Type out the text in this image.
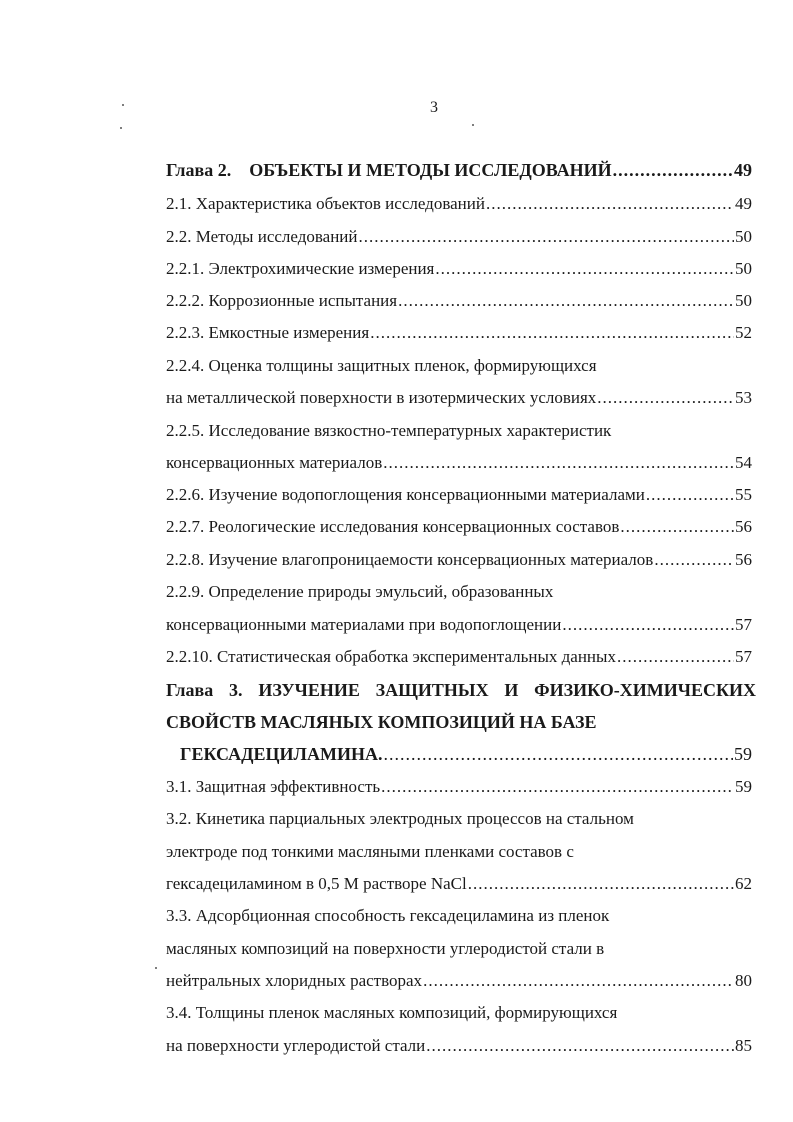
3
Глава 2.    ОБЪЕКТЫ И МЕТОДЫ ИССЛЕДОВАНИЙ .....	49
2.1. Характеристика объектов исследований .....	49
2.2. Методы исследований .....	50
2.2.1. Электрохимические измерения .....	50
2.2.2. Коррозионные испытания .....	50
2.2.3. Емкостные измерения .....	52
2.2.4. Оценка толщины защитных пленок, формирующихся
на металлической поверхности в изотермических условиях .....	53
2.2.5. Исследование вязкостно-температурных характеристик
консервационных материалов .....	54
2.2.6. Изучение водопоглощения консервационными материалами .....	55
2.2.7. Реологические исследования консервационных составов .....	56
2.2.8. Изучение влагопроницаемости консервационных материалов .....	56
2.2.9. Определение природы эмульсий, образованных
консервационными материалами при водопоглощении .....	57
2.2.10. Статистическая обработка экспериментальных данных .....	57
Глава 3. ИЗУЧЕНИЕ ЗАЩИТНЫХ И ФИЗИКО-ХИМИЧЕСКИХ
СВОЙСТВ МАСЛЯНЫХ КОМПОЗИЦИЙ НА БАЗЕ
ГЕКСАДЕЦИЛАМИНА. .....	59
3.1. Защитная эффективность .....	59
3.2. Кинетика парциальных электродных процессов на стальном
электроде под тонкими масляными пленками составов с
гексадециламином в 0,5 М растворе NaCl .....	62
3.3. Адсорбционная способность гексадециламина из пленок
масляных композиций на поверхности углеродистой стали в
нейтральных хлоридных растворах .....	80
3.4. Толщины пленок масляных композиций, формирующихся
на поверхности углеродистой стали .....	85
